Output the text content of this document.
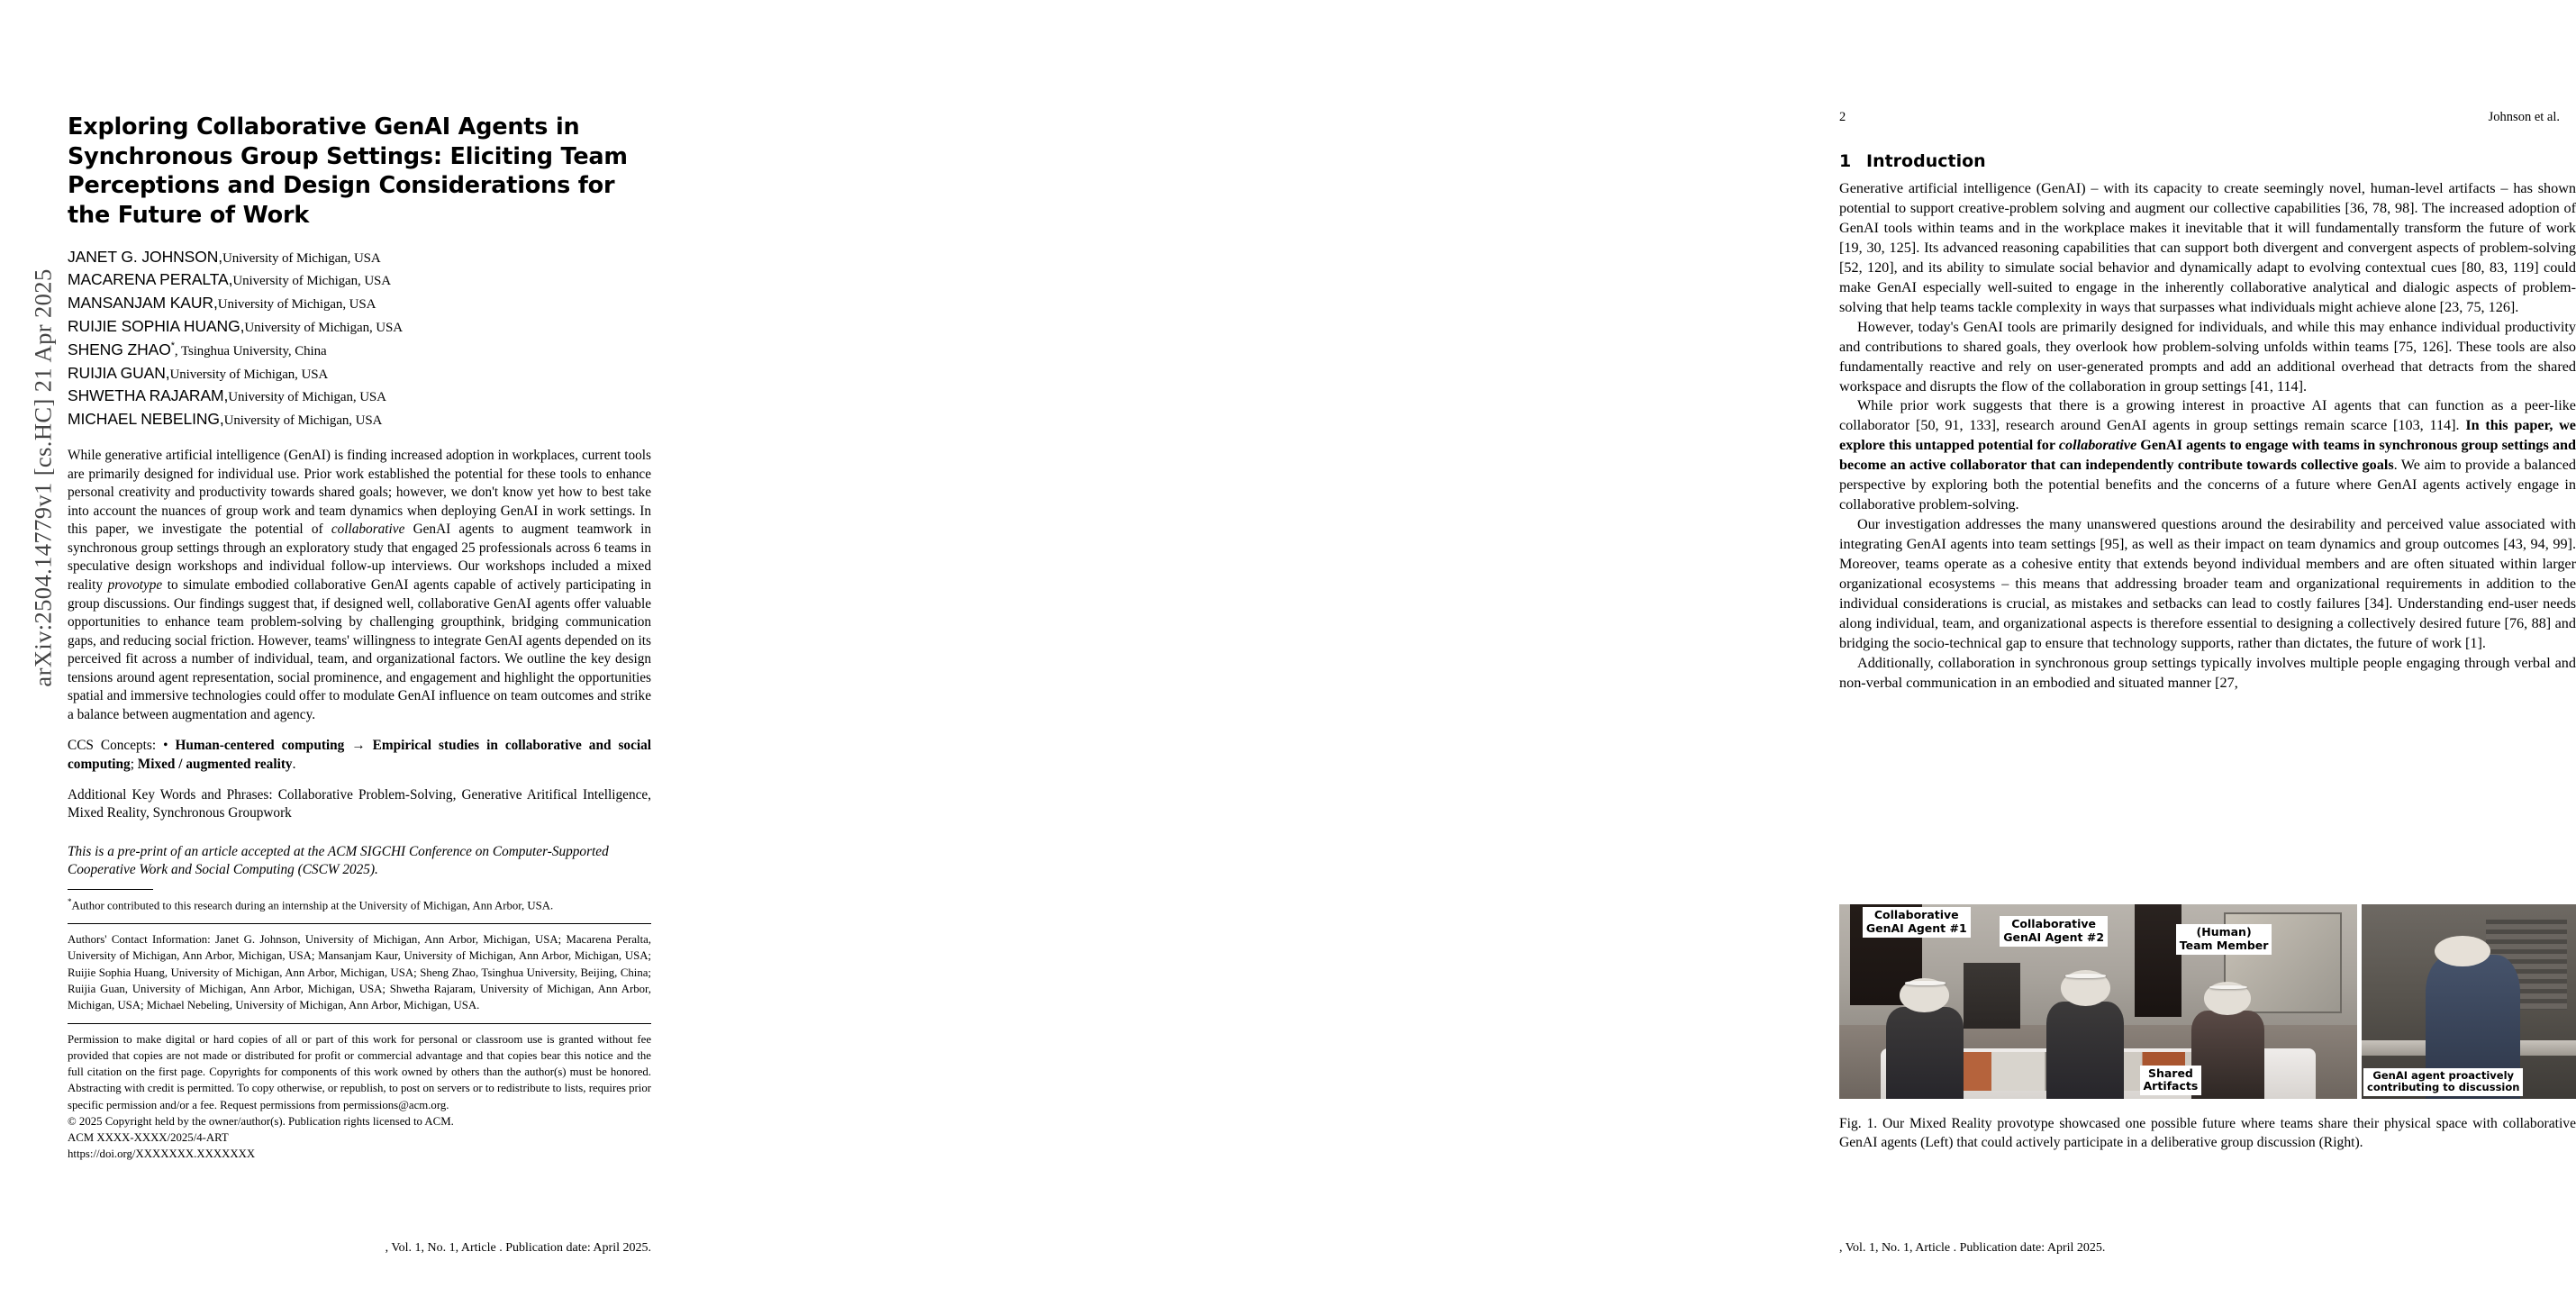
arXiv:2504.14779v1 [cs.HC] 21 Apr 2025
Exploring Collaborative GenAI Agents in Synchronous Group Settings: Eliciting Team Perceptions and Design Considerations for the Future of Work
JANET G. JOHNSON,University of Michigan, USA
MACARENA PERALTA,University of Michigan, USA
MANSANJAM KAUR,University of Michigan, USA
RUIJIE SOPHIA HUANG,University of Michigan, USA
SHENG ZHAO*, Tsinghua University, China
RUIJIA GUAN,University of Michigan, USA
SHWETHA RAJARAM,University of Michigan, USA
MICHAEL NEBELING,University of Michigan, USA
While generative artificial intelligence (GenAI) is finding increased adoption in workplaces, current tools are primarily designed for individual use. Prior work established the potential for these tools to enhance personal creativity and productivity towards shared goals; however, we don't know yet how to best take into account the nuances of group work and team dynamics when deploying GenAI in work settings. In this paper, we investigate the potential of collaborative GenAI agents to augment teamwork in synchronous group settings through an exploratory study that engaged 25 professionals across 6 teams in speculative design workshops and individual follow-up interviews. Our workshops included a mixed reality provotype to simulate embodied collaborative GenAI agents capable of actively participating in group discussions. Our findings suggest that, if designed well, collaborative GenAI agents offer valuable opportunities to enhance team problem-solving by challenging groupthink, bridging communication gaps, and reducing social friction. However, teams' willingness to integrate GenAI agents depended on its perceived fit across a number of individual, team, and organizational factors. We outline the key design tensions around agent representation, social prominence, and engagement and highlight the opportunities spatial and immersive technologies could offer to modulate GenAI influence on team outcomes and strike a balance between augmentation and agency.
CCS Concepts: • Human-centered computing → Empirical studies in collaborative and social computing; Mixed / augmented reality.
Additional Key Words and Phrases: Collaborative Problem-Solving, Generative Aritifical Intelligence, Mixed Reality, Synchronous Groupwork
This is a pre-print of an article accepted at the ACM SIGCHI Conference on Computer-Supported Cooperative Work and Social Computing (CSCW 2025).
*Author contributed to this research during an internship at the University of Michigan, Ann Arbor, USA.
Authors' Contact Information: Janet G. Johnson, University of Michigan, Ann Arbor, Michigan, USA; Macarena Peralta, University of Michigan, Ann Arbor, Michigan, USA; Mansanjam Kaur, University of Michigan, Ann Arbor, Michigan, USA; Ruijie Sophia Huang, University of Michigan, Ann Arbor, Michigan, USA; Sheng Zhao, Tsinghua University, Beijing, China; Ruijia Guan, University of Michigan, Ann Arbor, Michigan, USA; Shwetha Rajaram, University of Michigan, Ann Arbor, Michigan, USA; Michael Nebeling, University of Michigan, Ann Arbor, Michigan, USA.
Permission to make digital or hard copies of all or part of this work for personal or classroom use is granted without fee provided that copies are not made or distributed for profit or commercial advantage and that copies bear this notice and the full citation on the first page. Copyrights for components of this work owned by others than the author(s) must be honored. Abstracting with credit is permitted. To copy otherwise, or republish, to post on servers or to redistribute to lists, requires prior specific permission and/or a fee. Request permissions from permissions@acm.org.
© 2025 Copyright held by the owner/author(s). Publication rights licensed to ACM.
ACM XXXX-XXXX/2025/4-ART
https://doi.org/XXXXXXX.XXXXXXX
, Vol. 1, No. 1, Article . Publication date: April 2025.
2	Johnson et al.
1 Introduction
Generative artificial intelligence (GenAI) – with its capacity to create seemingly novel, human-level artifacts – has shown potential to support creative-problem solving and augment our collective capabilities [36, 78, 98]. The increased adoption of GenAI tools within teams and in the workplace makes it inevitable that it will fundamentally transform the future of work [19, 30, 125]. Its advanced reasoning capabilities that can support both divergent and convergent aspects of problem-solving [52, 120], and its ability to simulate social behavior and dynamically adapt to evolving contextual cues [80, 83, 119] could make GenAI especially well-suited to engage in the inherently collaborative analytical and dialogic aspects of problem-solving that help teams tackle complexity in ways that surpasses what individuals might achieve alone [23, 75, 126].
However, today's GenAI tools are primarily designed for individuals, and while this may enhance individual productivity and contributions to shared goals, they overlook how problem-solving unfolds within teams [75, 126]. These tools are also fundamentally reactive and rely on user-generated prompts and add an additional overhead that detracts from the shared workspace and disrupts the flow of the collaboration in group settings [41, 114].
While prior work suggests that there is a growing interest in proactive AI agents that can function as a peer-like collaborator [50, 91, 133], research around GenAI agents in group settings remain scarce [103, 114]. In this paper, we explore this untapped potential for collaborative GenAI agents to engage with teams in synchronous group settings and become an active collaborator that can independently contribute towards collective goals. We aim to provide a balanced perspective by exploring both the potential benefits and the concerns of a future where GenAI agents actively engage in collaborative problem-solving.
Our investigation addresses the many unanswered questions around the desirability and perceived value associated with integrating GenAI agents into team settings [95], as well as their impact on team dynamics and group outcomes [43, 94, 99]. Moreover, teams operate as a cohesive entity that extends beyond individual members and are often situated within larger organizational ecosystems – this means that addressing broader team and organizational requirements in addition to the individual considerations is crucial, as mistakes and setbacks can lead to costly failures [34]. Understanding end-user needs along individual, team, and organizational aspects is therefore essential to designing a collectively desired future [76, 88] and bridging the socio-technical gap to ensure that technology supports, rather than dictates, the future of work [1].
Additionally, collaboration in synchronous group settings typically involves multiple people engaging through verbal and non-verbal communication in an embodied and situated manner [27,
Collaborative
GenAI Agent #1	Collaborative
GenAI Agent #2	(Human)
Team Member
Shared
Artifacts
GenAI agent proactively
contributing to discussion
Fig. 1. Our Mixed Reality provotype showcased one possible future where teams share their physical space with collaborative GenAI agents (Left) that could actively participate in a deliberative group discussion (Right).
, Vol. 1, No. 1, Article . Publication date: April 2025.
